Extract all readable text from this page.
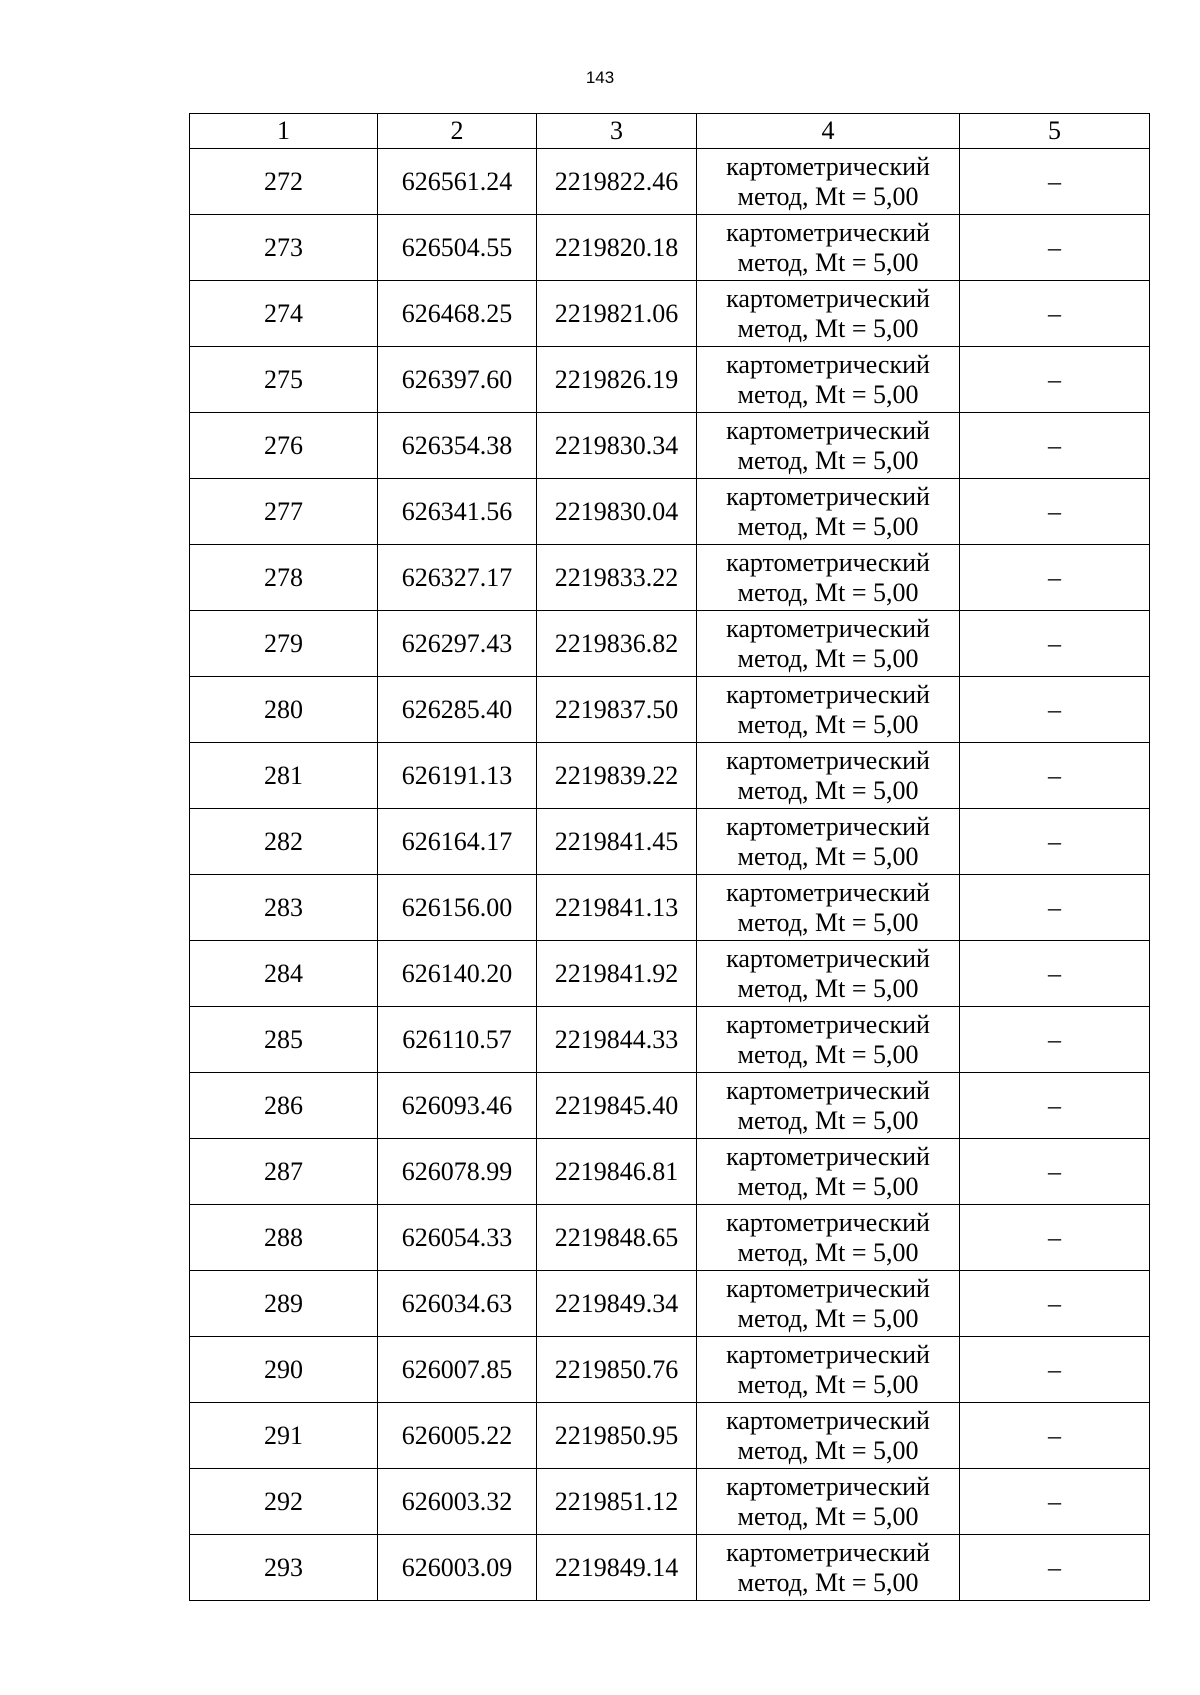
143
1	2	3	4	5
272	626561.24	2219822.46	картометрический
метод, Mt = 5,00	–
273	626504.55	2219820.18	картометрический
метод, Mt = 5,00	–
274	626468.25	2219821.06	картометрический
метод, Mt = 5,00	–
275	626397.60	2219826.19	картометрический
метод, Mt = 5,00	–
276	626354.38	2219830.34	картометрический
метод, Mt = 5,00	–
277	626341.56	2219830.04	картометрический
метод, Mt = 5,00	–
278	626327.17	2219833.22	картометрический
метод, Mt = 5,00	–
279	626297.43	2219836.82	картометрический
метод, Mt = 5,00	–
280	626285.40	2219837.50	картометрический
метод, Mt = 5,00	–
281	626191.13	2219839.22	картометрический
метод, Mt = 5,00	–
282	626164.17	2219841.45	картометрический
метод, Mt = 5,00	–
283	626156.00	2219841.13	картометрический
метод, Mt = 5,00	–
284	626140.20	2219841.92	картометрический
метод, Mt = 5,00	–
285	626110.57	2219844.33	картометрический
метод, Mt = 5,00	–
286	626093.46	2219845.40	картометрический
метод, Mt = 5,00	–
287	626078.99	2219846.81	картометрический
метод, Mt = 5,00	–
288	626054.33	2219848.65	картометрический
метод, Mt = 5,00	–
289	626034.63	2219849.34	картометрический
метод, Mt = 5,00	–
290	626007.85	2219850.76	картометрический
метод, Mt = 5,00	–
291	626005.22	2219850.95	картометрический
метод, Mt = 5,00	–
292	626003.32	2219851.12	картометрический
метод, Mt = 5,00	–
293	626003.09	2219849.14	картометрический
метод, Mt = 5,00	–
